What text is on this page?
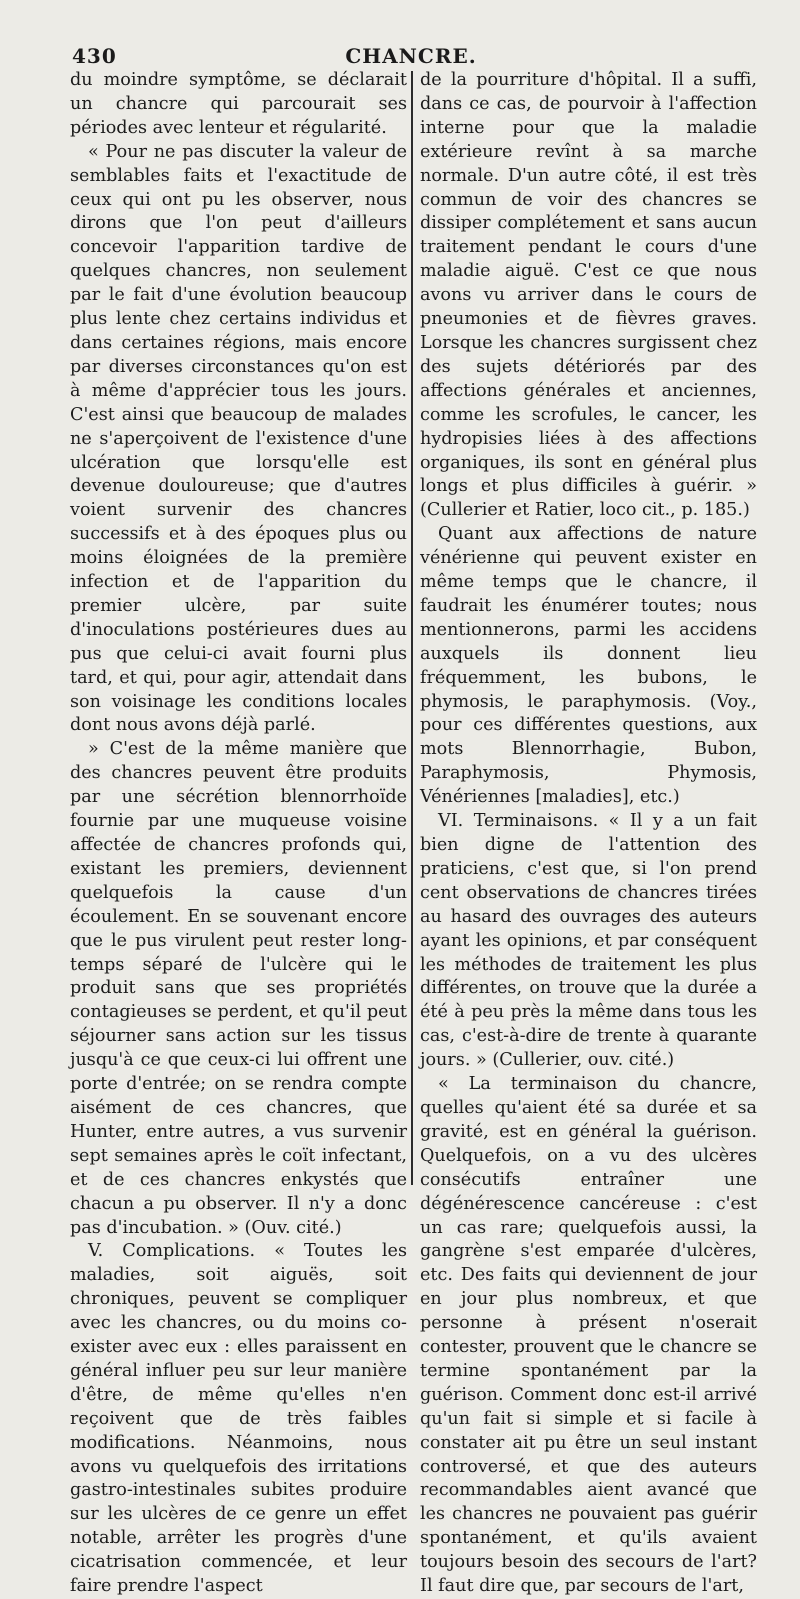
430	CHANCRE.

du moindre symptôme, se déclarait un chancre qui parcourait ses périodes avec lenteur et régularité.

« Pour ne pas discuter la valeur de semblables faits et l'exactitude de ceux qui ont pu les observer, nous dirons que l'on peut d'ailleurs concevoir l'apparition tardive de quelques chancres, non seulement par le fait d'une évolution beaucoup plus lente chez certains individus et dans certaines régions, mais encore par diverses circonstances qu'on est à même d'apprécier tous les jours. C'est ainsi que beaucoup de malades ne s'aperçoivent de l'existence d'une ulcération que lorsqu'elle est devenue douloureuse; que d'autres voient survenir des chancres successifs et à des époques plus ou moins éloignées de la première infection et de l'apparition du premier ulcère, par suite d'inoculations postérieures dues au pus que celui-ci avait fourni plus tard, et qui, pour agir, attendait dans son voisinage les conditions locales dont nous avons déjà parlé.

» C'est de la même manière que des chancres peuvent être produits par une sécrétion blennorrhoïde fournie par une muqueuse voisine affectée de chancres profonds qui, existant les premiers, deviennent quelquefois la cause d'un écoulement. En se souvenant encore que le pus virulent peut rester long-temps séparé de l'ulcère qui le produit sans que ses propriétés contagieuses se perdent, et qu'il peut séjourner sans action sur les tissus jusqu'à ce que ceux-ci lui offrent une porte d'entrée; on se rendra compte aisément de ces chancres, que Hunter, entre autres, a vus survenir sept semaines après le coït infectant, et de ces chancres enkystés que chacun a pu observer. Il n'y a donc pas d'incubation. » (Ouv. cité.)

V. Complications. « Toutes les maladies, soit aiguës, soit chroniques, peuvent se compliquer avec les chancres, ou du moins co-exister avec eux : elles paraissent en général influer peu sur leur manière d'être, de même qu'elles n'en reçoivent que de très faibles modifications. Néanmoins, nous avons vu quelquefois des irritations gastro-intestinales subites produire sur les ulcères de ce genre un effet notable, arrêter les progrès d'une cicatrisation commencée, et leur faire prendre l'aspect

de la pourriture d'hôpital. Il a suffi, dans ce cas, de pourvoir à l'affection interne pour que la maladie extérieure revînt à sa marche normale. D'un autre côté, il est très commun de voir des chancres se dissiper complétement et sans aucun traitement pendant le cours d'une maladie aiguë. C'est ce que nous avons vu arriver dans le cours de pneumonies et de fièvres graves. Lorsque les chancres surgissent chez des sujets détériorés par des affections générales et anciennes, comme les scrofules, le cancer, les hydropisies liées à des affections organiques, ils sont en général plus longs et plus difficiles à guérir. » (Cullerier et Ratier, loco cit., p. 185.)

Quant aux affections de nature vénérienne qui peuvent exister en même temps que le chancre, il faudrait les énumérer toutes; nous mentionnerons, parmi les accidens auxquels ils donnent lieu fréquemment, les bubons, le phymosis, le paraphymosis. (Voy., pour ces différentes questions, aux mots Blennorrhagie, Bubon, Paraphymosis, Phymosis, Vénériennes [maladies], etc.)

VI. Terminaisons. « Il y a un fait bien digne de l'attention des praticiens, c'est que, si l'on prend cent observations de chancres tirées au hasard des ouvrages des auteurs ayant les opinions, et par conséquent les méthodes de traitement les plus différentes, on trouve que la durée a été à peu près la même dans tous les cas, c'est-à-dire de trente à quarante jours. » (Cullerier, ouv. cité.)

« La terminaison du chancre, quelles qu'aient été sa durée et sa gravité, est en général la guérison. Quelquefois, on a vu des ulcères consécutifs entraîner une dégénérescence cancéreuse : c'est un cas rare; quelquefois aussi, la gangrène s'est emparée d'ulcères, etc. Des faits qui deviennent de jour en jour plus nombreux, et que personne à présent n'oserait contester, prouvent que le chancre se termine spontanément par la guérison. Comment donc est-il arrivé qu'un fait si simple et si facile à constater ait pu être un seul instant controversé, et que des auteurs recommandables aient avancé que les chancres ne pouvaient pas guérir spontanément, et qu'ils avaient toujours besoin des secours de l'art? Il faut dire que, par secours de l'art,
